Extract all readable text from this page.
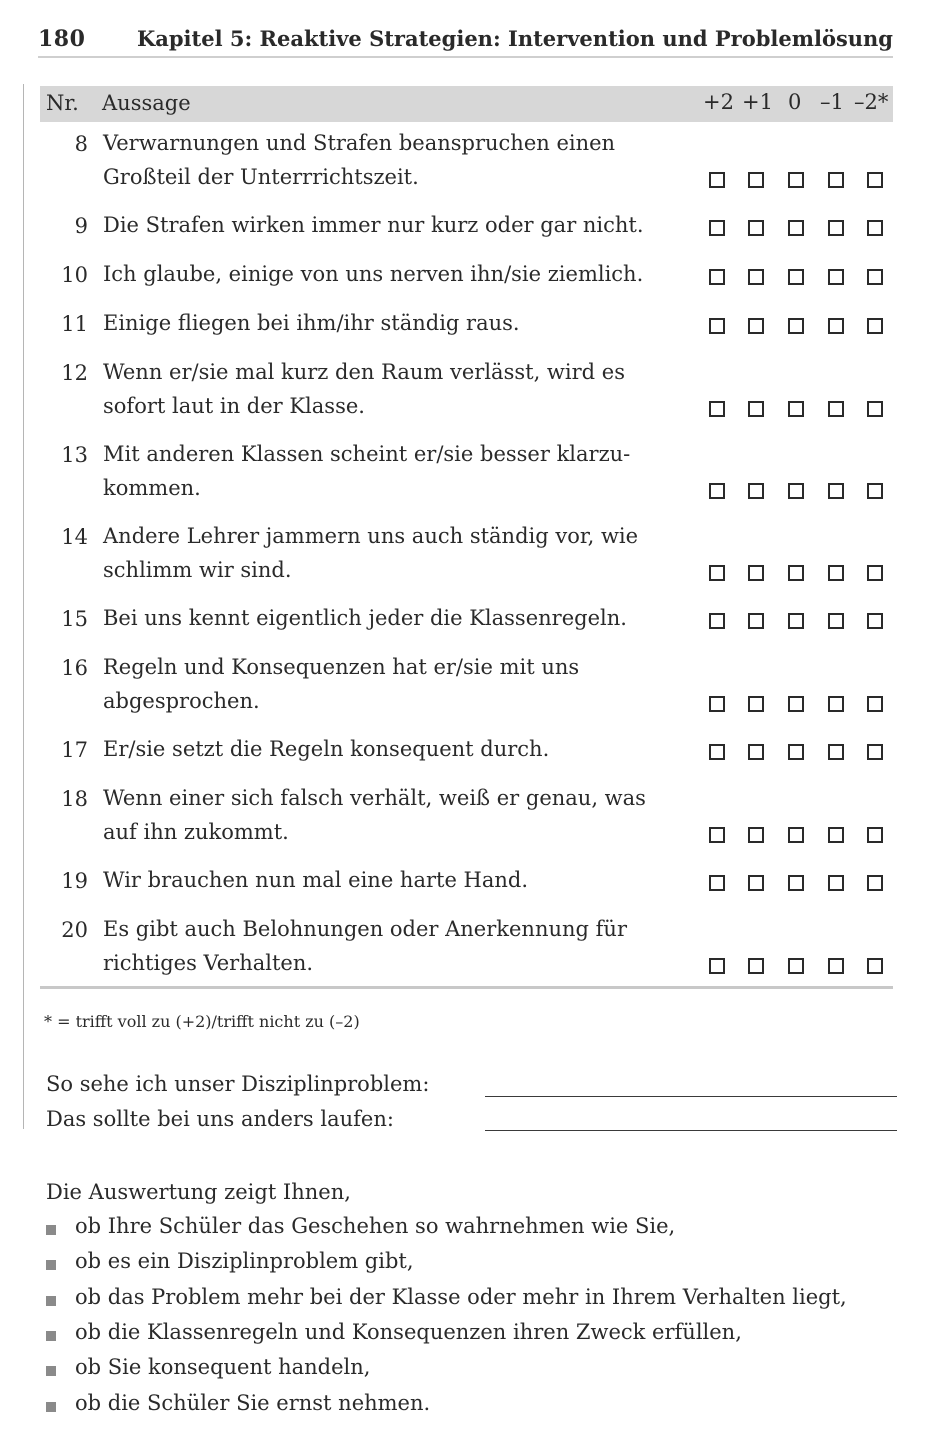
180 Kapitel 5: Reaktive Strategien: Intervention und Problemlösung
Nr. Aussage	+2 +1 0 –1 –2*
8 Verwarnungen und Strafen beanspruchen einen
Großteil der Unterrrichtszeit.
9 Die Strafen wirken immer nur kurz oder gar nicht.
10 Ich glaube, einige von uns nerven ihn/sie ziemlich.
11 Einige fliegen bei ihm/ihr ständig raus.
12 Wenn er/sie mal kurz den Raum verlässt, wird es
sofort laut in der Klasse.
13 Mit anderen Klassen scheint er/sie besser klarzu-
kommen.
14 Andere Lehrer jammern uns auch ständig vor, wie
schlimm wir sind.
15 Bei uns kennt eigentlich jeder die Klassenregeln.
16 Regeln und Konsequenzen hat er/sie mit uns
abgesprochen.
17 Er/sie setzt die Regeln konsequent durch.
18 Wenn einer sich falsch verhält, weiß er genau, was
auf ihn zukommt.
19 Wir brauchen nun mal eine harte Hand.
20 Es gibt auch Belohnungen oder Anerkennung für
richtiges Verhalten.
* = trifft voll zu (+2)/trifft nicht zu (–2)
So sehe ich unser Disziplinproblem:
Das sollte bei uns anders laufen:
Die Auswertung zeigt Ihnen,
ob Ihre Schüler das Geschehen so wahrnehmen wie Sie,
ob es ein Disziplinproblem gibt,
ob das Problem mehr bei der Klasse oder mehr in Ihrem Verhalten liegt,
ob die Klassenregeln und Konsequenzen ihren Zweck erfüllen,
ob Sie konsequent handeln,
ob die Schüler Sie ernst nehmen.
